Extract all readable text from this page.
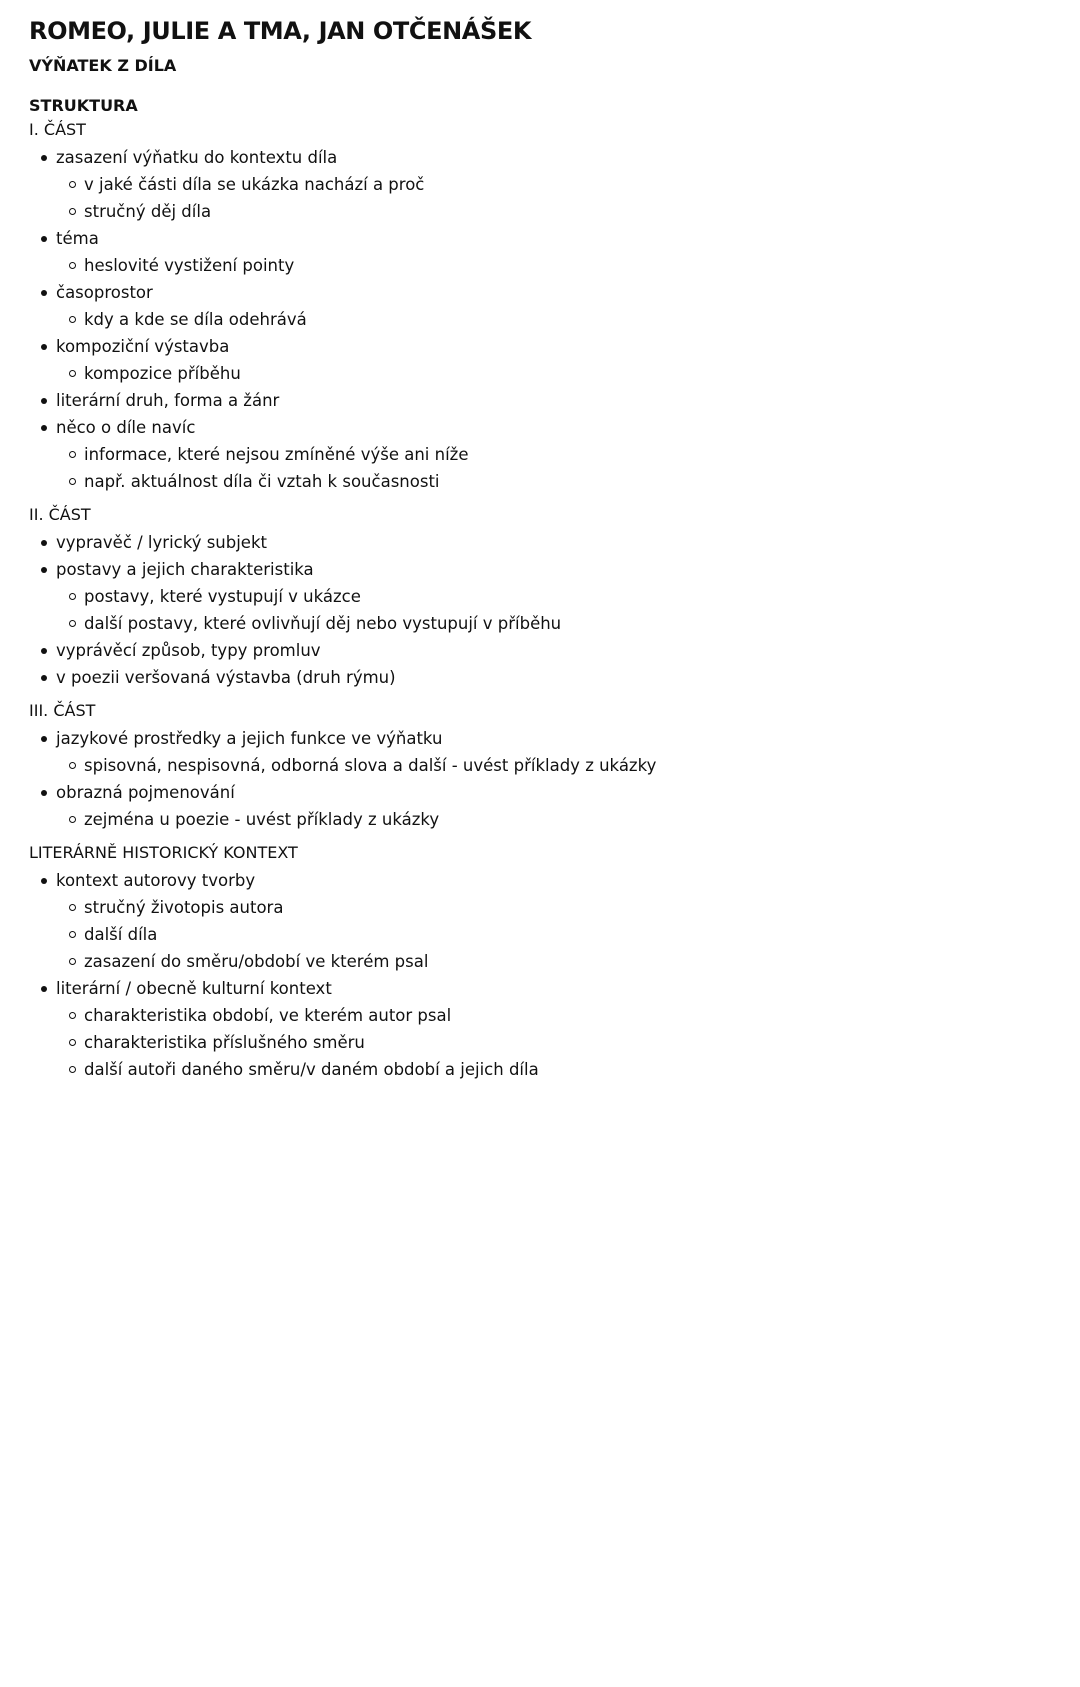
ROMEO, JULIE A TMA, JAN OTČENÁŠEK
VÝŇATEK Z DÍLA
STRUKTURA
I. ČÁST
zasazení výňatku do kontextu díla
v jaké části díla se ukázka nachází a proč
stručný děj díla
téma
heslovité vystižení pointy
časoprostor
kdy a kde se díla odehrává
kompoziční výstavba
kompozice příběhu
literární druh, forma a žánr
něco o díle navíc
informace, které nejsou zmíněné výše ani níže
např. aktuálnost díla či vztah k současnosti
II. ČÁST
vypravěč / lyrický subjekt
postavy a jejich charakteristika
postavy, které vystupují v ukázce
další postavy, které ovlivňují děj nebo vystupují v příběhu
vyprávěcí způsob, typy promluv
v poezii veršovaná výstavba (druh rýmu)
III. ČÁST
jazykové prostředky a jejich funkce ve výňatku
spisovná, nespisovná, odborná slova a další - uvést příklady z ukázky
obrazná pojmenování
zejména u poezie - uvést příklady z ukázky
LITERÁRNĚ HISTORICKÝ KONTEXT
kontext autorovy tvorby
stručný životopis autora
další díla
zasazení do směru/období ve kterém psal
literární / obecně kulturní kontext
charakteristika období, ve kterém autor psal
charakteristika příslušného směru
další autoři daného směru/v daném období a jejich díla
